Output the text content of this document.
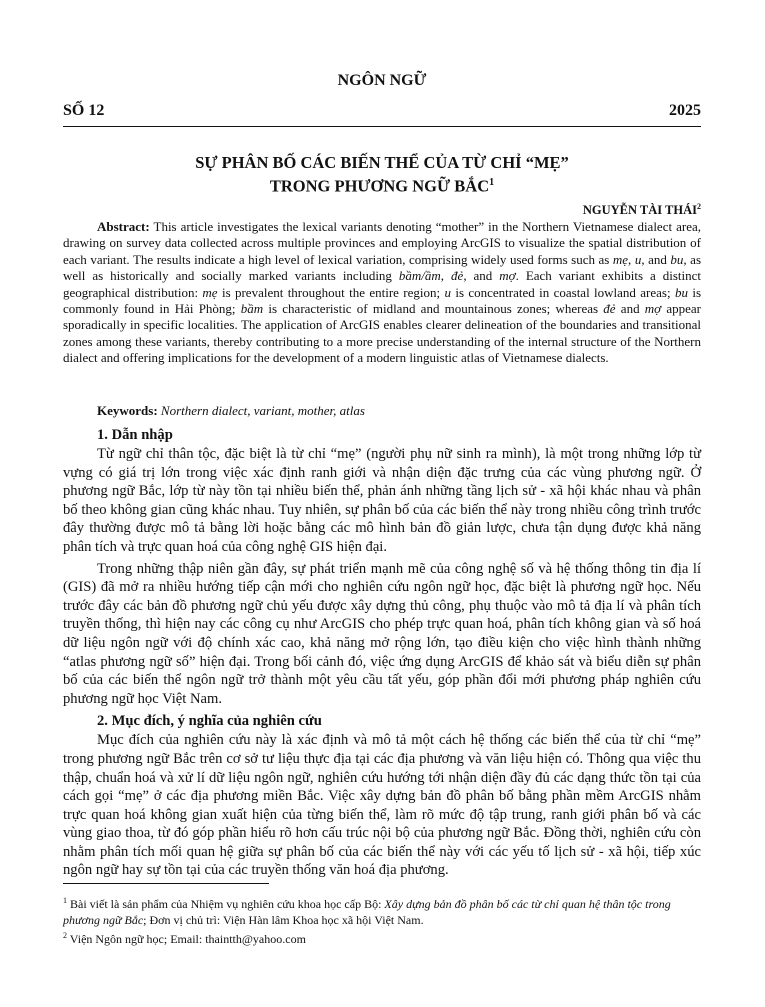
NGÔN NGỮ
SỐ 12	2025
SỰ PHÂN BỐ CÁC BIẾN THỂ CỦA TỪ CHỈ “MẸ”
TRONG PHƯƠNG NGỮ BẮC$^1$
NGUYỄN TÀI THÁI$^2$

Abstract: This article investigates the lexical variants denoting “mother” in the Northern Vietnamese dialect area, drawing on survey data collected across multiple provinces and employing ArcGIS to visualize the spatial distribution of each variant. The results indicate a high level of lexical variation, comprising widely used forms such as mẹ, u, and bu, as well as historically and socially marked variants including bầm/ầm, đẻ, and mợ. Each variant exhibits a distinct geographical distribution: mẹ is prevalent throughout the entire region; u is concentrated in coastal lowland areas; bu is commonly found in Hải Phòng; bầm is characteristic of midland and mountainous zones; whereas đẻ and mợ appear sporadically in specific localities. The application of ArcGIS enables clearer delineation of the boundaries and transitional zones among these variants, thereby contributing to a more precise understanding of the internal structure of the Northern dialect and offering implications for the development of a modern linguistic atlas of Vietnamese dialects.

Keywords: Northern dialect, variant, mother, atlas
1. Dẫn nhập

Từ ngữ chỉ thân tộc, đặc biệt là từ chỉ “mẹ” (người phụ nữ sinh ra mình), là một trong những lớp từ vựng có giá trị lớn trong việc xác định ranh giới và nhận diện đặc trưng của các vùng phương ngữ. Ở phương ngữ Bắc, lớp từ này tồn tại nhiều biến thể, phản ánh những tầng lịch sử - xã hội khác nhau và phân bố theo không gian cũng khác nhau. Tuy nhiên, sự phân bố của các biến thể này trong nhiều công trình trước đây thường được mô tả bằng lời hoặc bằng các mô hình bản đồ giản lược, chưa tận dụng được khả năng phân tích và trực quan hoá của công nghệ GIS hiện đại.

Trong những thập niên gần đây, sự phát triển mạnh mẽ của công nghệ số và hệ thống thông tin địa lí (GIS) đã mở ra nhiều hướng tiếp cận mới cho nghiên cứu ngôn ngữ học, đặc biệt là phương ngữ học. Nếu trước đây các bản đồ phương ngữ chủ yếu được xây dựng thủ công, phụ thuộc vào mô tả địa lí và phân tích truyền thống, thì hiện nay các công cụ như ArcGIS cho phép trực quan hoá, phân tích không gian và số hoá dữ liệu ngôn ngữ với độ chính xác cao, khả năng mở rộng lớn, tạo điều kiện cho việc hình thành những “atlas phương ngữ số” hiện đại. Trong bối cảnh đó, việc ứng dụng ArcGIS để khảo sát và biểu diễn sự phân bố của các biến thể ngôn ngữ trở thành một yêu cầu tất yếu, góp phần đổi mới phương pháp nghiên cứu phương ngữ học Việt Nam.

2. Mục đích, ý nghĩa của nghiên cứu

Mục đích của nghiên cứu này là xác định và mô tả một cách hệ thống các biến thể của từ chỉ “mẹ” trong phương ngữ Bắc trên cơ sở tư liệu thực địa tại các địa phương và văn liệu hiện có. Thông qua việc thu thập, chuẩn hoá và xử lí dữ liệu ngôn ngữ, nghiên cứu hướng tới nhận diện đầy đủ các dạng thức tồn tại của cách gọi “mẹ” ở các địa phương miền Bắc. Việc xây dựng bản đồ phân bố bằng phần mềm ArcGIS nhằm trực quan hoá không gian xuất hiện của từng biến thể, làm rõ mức độ tập trung, ranh giới phân bố và các vùng giao thoa, từ đó góp phần hiểu rõ hơn cấu trúc nội bộ của phương ngữ Bắc. Đồng thời, nghiên cứu còn nhằm phân tích mối quan hệ giữa sự phân bố của các biến thể này với các yếu tố lịch sử - xã hội, tiếp xúc ngôn ngữ hay sự tồn tại của các truyền thống văn hoá địa phương.

$^1$ Bài viết là sản phẩm của Nhiệm vụ nghiên cứu khoa học cấp Bộ: Xây dựng bản đồ phân bố các từ chỉ quan hệ thân tộc trong phương ngữ Bắc; Đơn vị chủ trì: Viện Hàn lâm Khoa học xã hội Việt Nam.

$^2$ Viện Ngôn ngữ học; Email: thaintth@yahoo.com
